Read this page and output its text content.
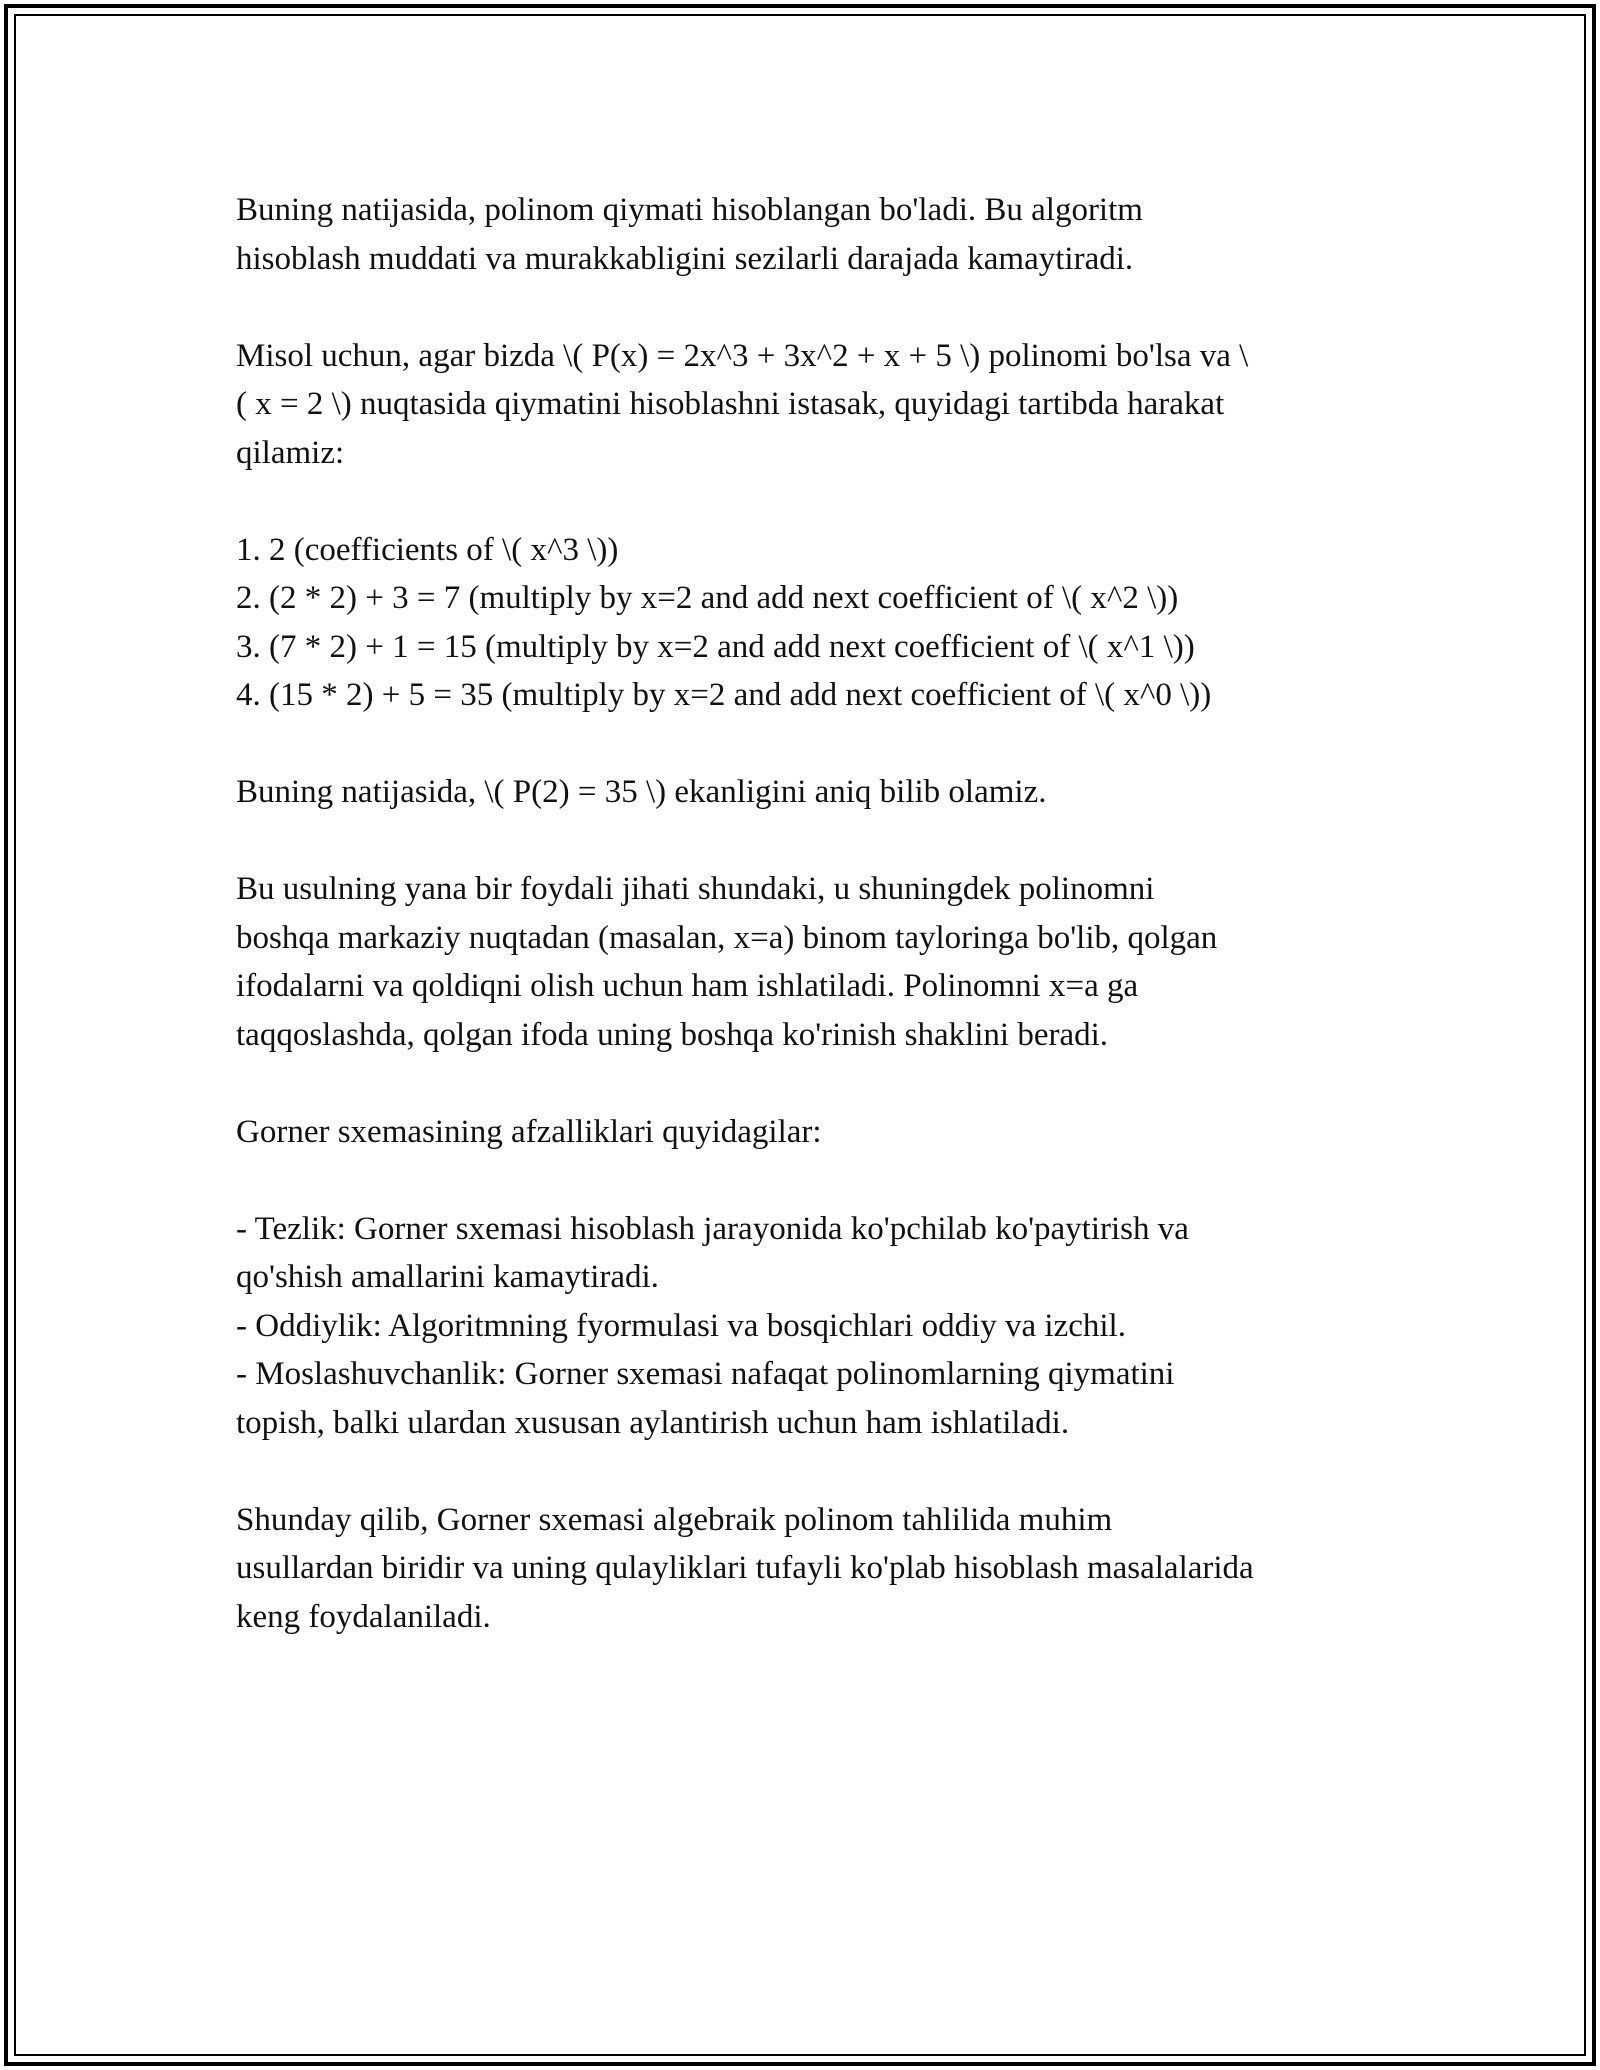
Buning natijasida, polinom qiymati hisoblangan bo'ladi. Bu algoritm
hisoblash muddati va murakkabligini sezilarli darajada kamaytiradi.

Misol uchun, agar bizda \( P(x) = 2x^3 + 3x^2 + x + 5 \) polinomi bo'lsa va \
( x = 2 \) nuqtasida qiymatini hisoblashni istasak, quyidagi tartibda harakat
qilamiz:

1. 2 (coefficients of \( x^3 \))
2. (2 * 2) + 3 = 7 (multiply by x=2 and add next coefficient of \( x^2 \))
3. (7 * 2) + 1 = 15 (multiply by x=2 and add next coefficient of \( x^1 \))
4. (15 * 2) + 5 = 35 (multiply by x=2 and add next coefficient of \( x^0 \))

Buning natijasida, \( P(2) = 35 \) ekanligini aniq bilib olamiz.

Bu usulning yana bir foydali jihati shundaki, u shuningdek polinomni
boshqa markaziy nuqtadan (masalan, x=a) binom tayloringa bo'lib, qolgan
ifodalarni va qoldiqni olish uchun ham ishlatiladi. Polinomni x=a ga
taqqoslashda, qolgan ifoda uning boshqa ko'rinish shaklini beradi.

Gorner sxemasining afzalliklari quyidagilar:

- Tezlik: Gorner sxemasi hisoblash jarayonida ko'pchilab ko'paytirish va
qo'shish amallarini kamaytiradi.
- Oddiylik: Algoritmning fyormulasi va bosqichlari oddiy va izchil.
- Moslashuvchanlik: Gorner sxemasi nafaqat polinomlarning qiymatini
topish, balki ulardan xususan aylantirish uchun ham ishlatiladi.

Shunday qilib, Gorner sxemasi algebraik polinom tahlilida muhim
usullardan biridir va uning qulayliklari tufayli ko'plab hisoblash masalalarida
keng foydalaniladi.
